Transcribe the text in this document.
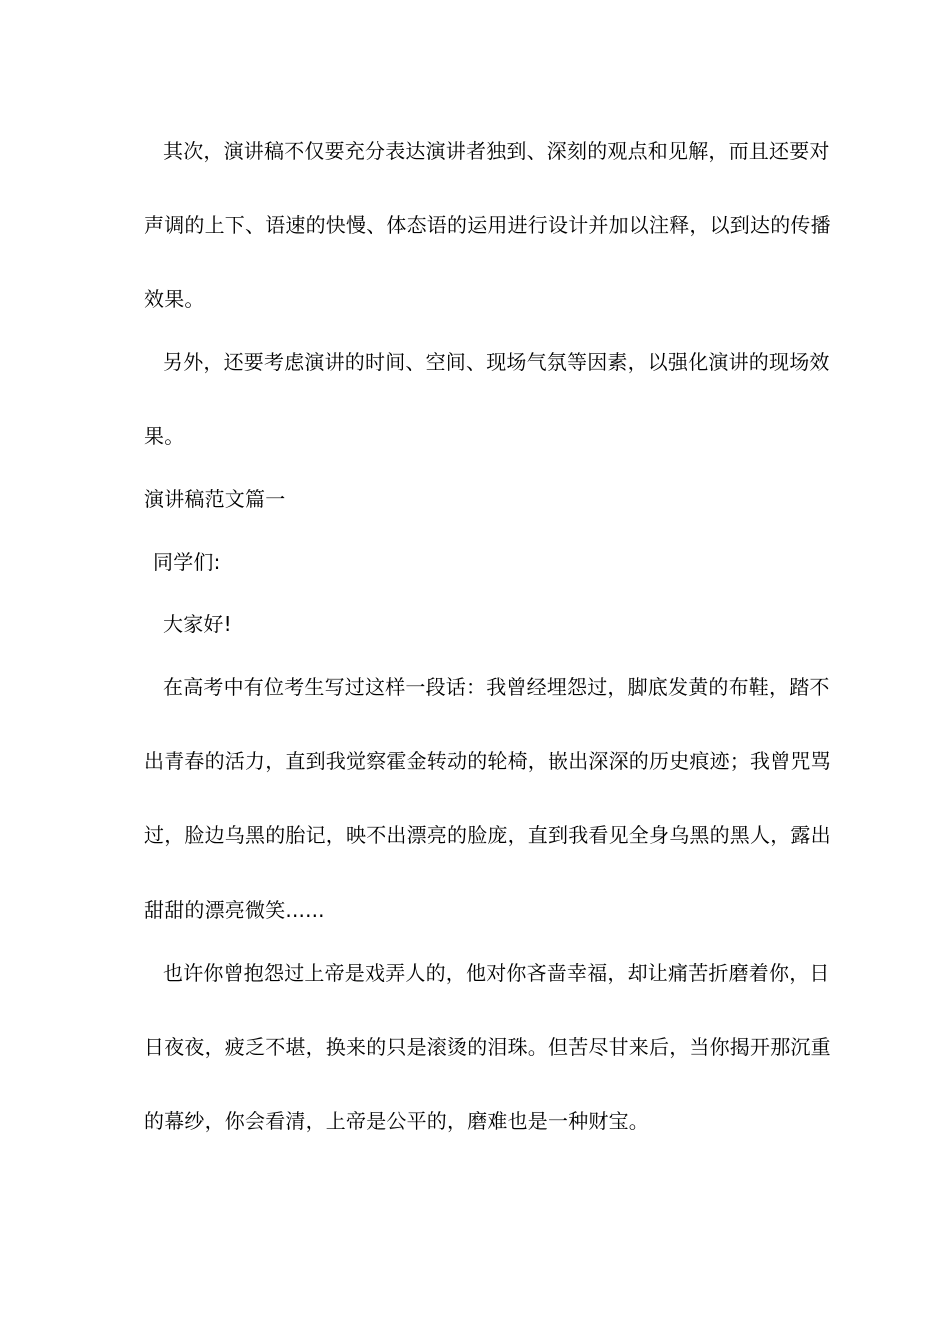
其次，演讲稿不仅要充分表达演讲者独到、深刻的观点和见解，而且还要对
声调的上下、语速的快慢、体态语的运用进行设计并加以注释，以到达的传播
效果。
另外，还要考虑演讲的时间、空间、现场气氛等因素，以强化演讲的现场效
果。
演讲稿范文篇一
同学们:
大家好!
在高考中有位考生写过这样一段话：我曾经埋怨过，脚底发黄的布鞋，踏不
出青春的活力，直到我觉察霍金转动的轮椅，嵌出深深的历史痕迹；我曾咒骂
过，脸边乌黑的胎记，映不出漂亮的脸庞，直到我看见全身乌黑的黑人，露出
甜甜的漂亮微笑......
也许你曾抱怨过上帝是戏弄人的，他对你吝啬幸福，却让痛苦折磨着你，日
日夜夜，疲乏不堪，换来的只是滚烫的泪珠。但苦尽甘来后，当你揭开那沉重
的幕纱，你会看清，上帝是公平的，磨难也是一种财宝。
